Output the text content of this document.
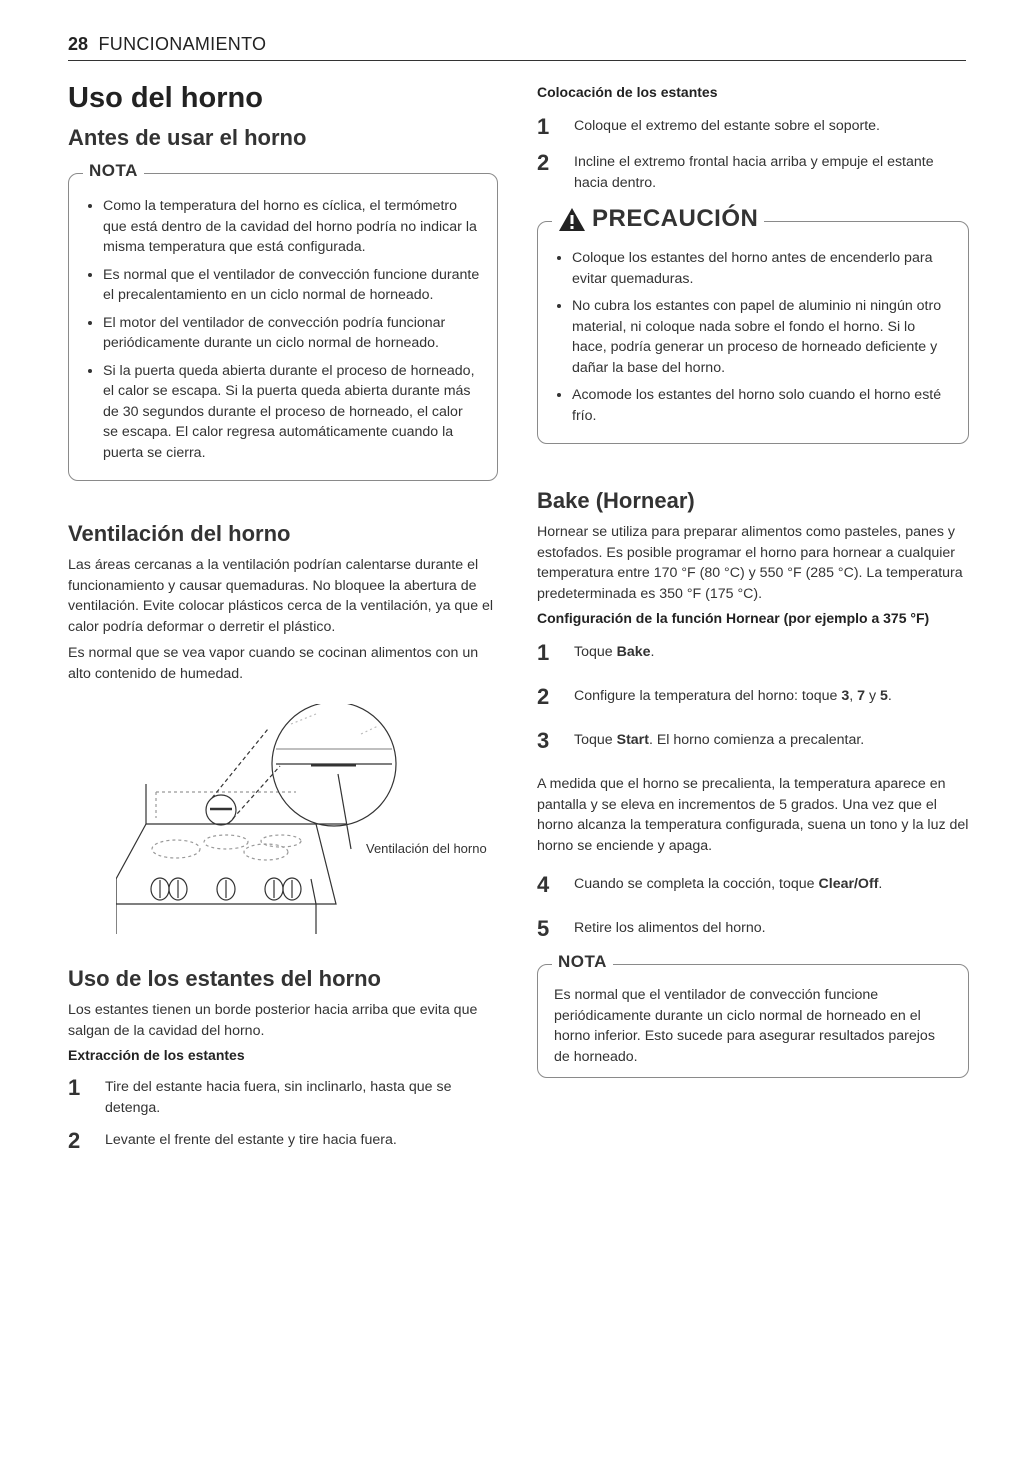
28 FUNCIONAMIENTO
Uso del horno
Antes de usar el horno
NOTA
• Como la temperatura del horno es cíclica, el termómetro que está dentro de la cavidad del horno podría no indicar la misma temperatura que está configurada.
• Es normal que el ventilador de convección funcione durante el precalentamiento en un ciclo normal de horneado.
• El motor del ventilador de convección podría funcionar periódicamente durante un ciclo normal de horneado.
• Si la puerta queda abierta durante el proceso de horneado, el calor se escapa. Si la puerta queda abierta durante más de 30 segundos durante el proceso de horneado, el calor se escapa. El calor regresa automáticamente cuando la puerta se cierra.
Ventilación del horno

Las áreas cercanas a la ventilación podrían calentarse durante el funcionamiento y causar quemaduras. No bloquee la abertura de ventilación. Evite colocar plásticos cerca de la ventilación, ya que el calor podría deformar o derretir el plástico.

Es normal que se vea vapor cuando se cocinan alimentos con un alto contenido de humedad.

Ventilación del horno
Uso de los estantes del horno

Los estantes tienen un borde posterior hacia arriba que evita que salgan de la cavidad del horno.

Extracción de los estantes
1	Tire del estante hacia fuera, sin inclinarlo, hasta que se detenga.
2	Levante el frente del estante y tire hacia fuera.
Colocación de los estantes
1	Coloque el extremo del estante sobre el soporte.
2	Incline el extremo frontal hacia arriba y empuje el estante hacia dentro.
PRECAUCIÓN
• Coloque los estantes del horno antes de encenderlo para evitar quemaduras.
• No cubra los estantes con papel de aluminio ni ningún otro material, ni coloque nada sobre el fondo el horno. Si lo hace, podría generar un proceso de horneado deficiente y dañar la base del horno.
• Acomode los estantes del horno solo cuando el horno esté frío.
Bake (Hornear)

Hornear se utiliza para preparar alimentos como pasteles, panes y estofados. Es posible programar el horno para hornear a cualquier temperatura entre 170 °F (80 °C) y 550 °F (285 °C). La temperatura predeterminada es 350 °F (175 °C).

Configuración de la función Hornear (por ejemplo a 375 °F)
1	Toque Bake.
2	Configure la temperatura del horno: toque 3, 7 y 5.
3	Toque Start. El horno comienza a precalentar.

A medida que el horno se precalienta, la temperatura aparece en pantalla y se eleva en incrementos de 5 grados. Una vez que el horno alcanza la temperatura configurada, suena un tono y la luz del horno se enciende y apaga.

4	Cuando se completa la cocción, toque Clear/Off.
5	Retire los alimentos del horno.
NOTA

Es normal que el ventilador de convección funcione periódicamente durante un ciclo normal de horneado en el horno inferior. Esto sucede para asegurar resultados parejos de horneado.
